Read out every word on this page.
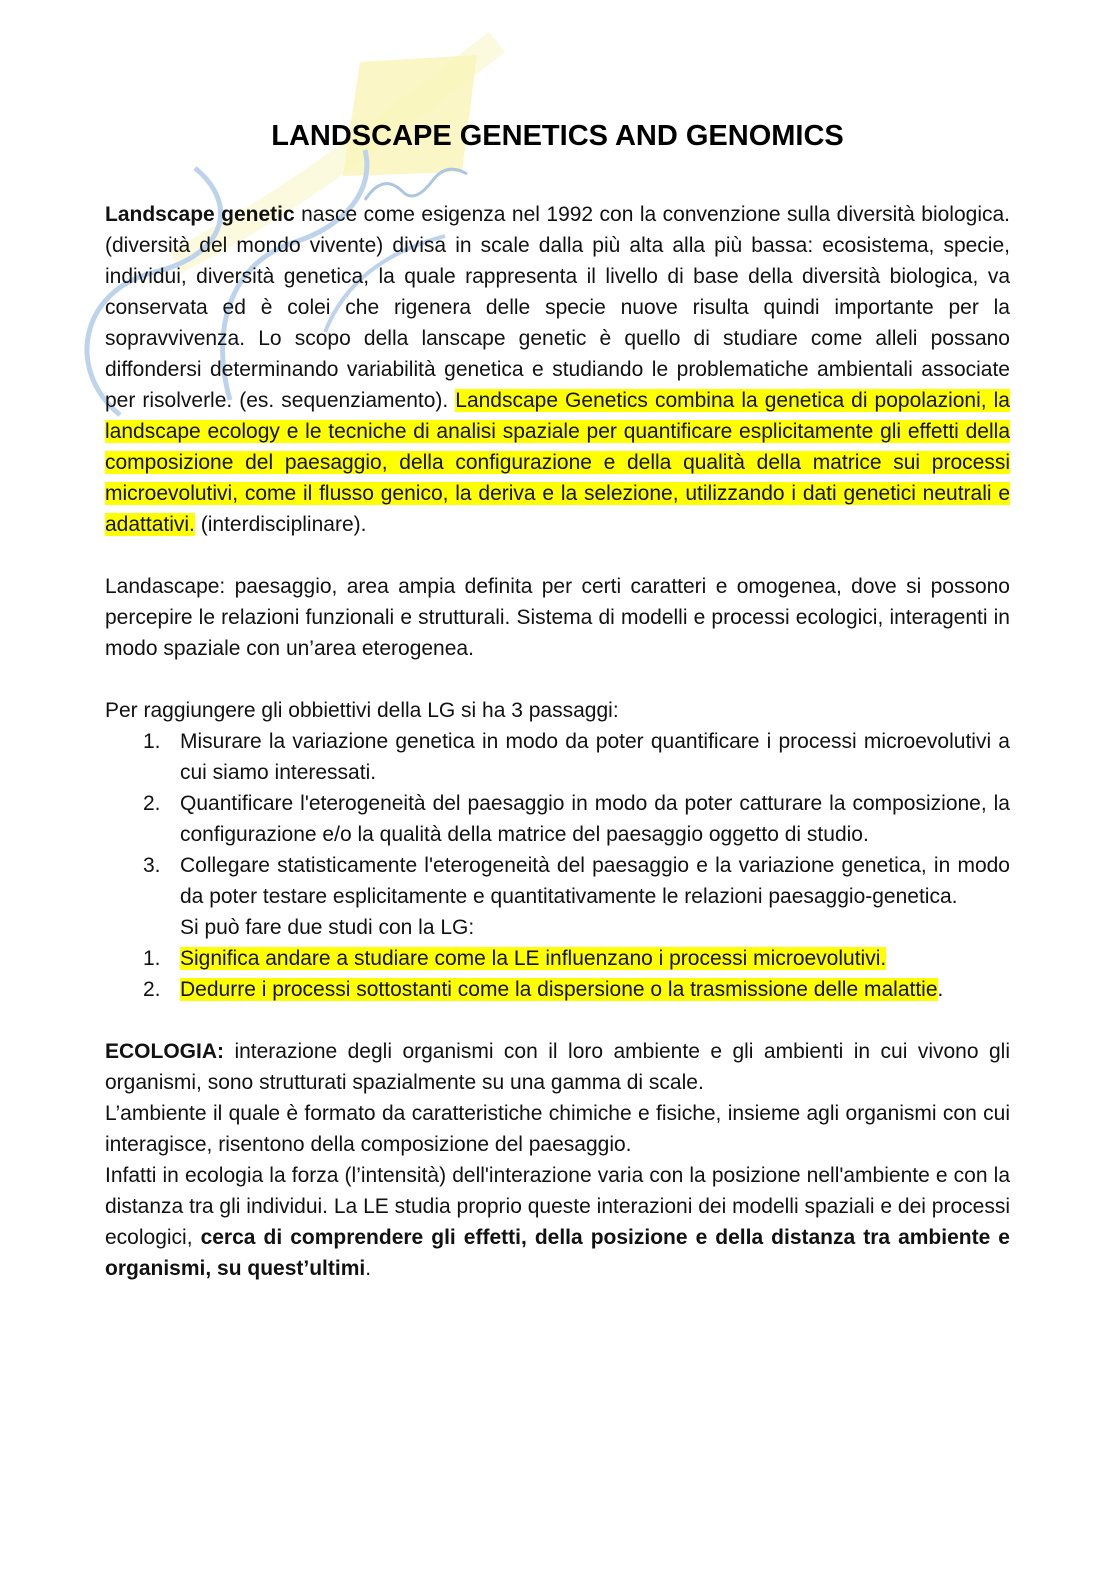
LANDSCAPE GENETICS AND GENOMICS

Landscape genetic nasce come esigenza nel 1992 con la convenzione sulla diversità biologica. (diversità del mondo vivente) divisa in scale dalla più alta alla più bassa: ecosistema, specie, individui, diversità genetica, la quale rappresenta il livello di base della diversità biologica, va conservata ed è colei che rigenera delle specie nuove risulta quindi importante per la sopravvivenza. Lo scopo della lanscape genetic è quello di studiare come alleli possano diffondersi determinando variabilità genetica e studiando le problematiche ambientali associate per risolverle. (es. sequenziamento). Landscape Genetics combina la genetica di popolazioni, la landscape ecology e le tecniche di analisi spaziale per quantificare esplicitamente gli effetti della composizione del paesaggio, della configurazione e della qualità della matrice sui processi microevolutivi, come il flusso genico, la deriva e la selezione, utilizzando i dati genetici neutrali e adattativi. (interdisciplinare).

Landascape: paesaggio, area ampia definita per certi caratteri e omogenea, dove si possono percepire le relazioni funzionali e strutturali. Sistema di modelli e processi ecologici, interagenti in modo spaziale con un’area eterogenea.

Per raggiungere gli obbiettivi della LG si ha 3 passaggi:

1. Misurare la variazione genetica in modo da poter quantificare i processi microevolutivi a cui siamo interessati.
2. Quantificare l'eterogeneità del paesaggio in modo da poter catturare la composizione, la configurazione e/o la qualità della matrice del paesaggio oggetto di studio.
3. Collegare statisticamente l'eterogeneità del paesaggio e la variazione genetica, in modo da poter testare esplicitamente e quantitativamente le relazioni paesaggio-genetica.
Si può fare due studi con la LG:
1. Significa andare a studiare come la LE influenzano i processi microevolutivi.
2. Dedurre i processi sottostanti come la dispersione o la trasmissione delle malattie.

ECOLOGIA: interazione degli organismi con il loro ambiente e gli ambienti in cui vivono gli organismi, sono strutturati spazialmente su una gamma di scale.

L’ambiente il quale è formato da caratteristiche chimiche e fisiche, insieme agli organismi con cui interagisce, risentono della composizione del paesaggio.

Infatti in ecologia la forza (l’intensità) dell'interazione varia con la posizione nell'ambiente e con la distanza tra gli individui. La LE studia proprio queste interazioni dei modelli spaziali e dei processi ecologici, cerca di comprendere gli effetti, della posizione e della distanza tra ambiente e organismi, su quest’ultimi.
